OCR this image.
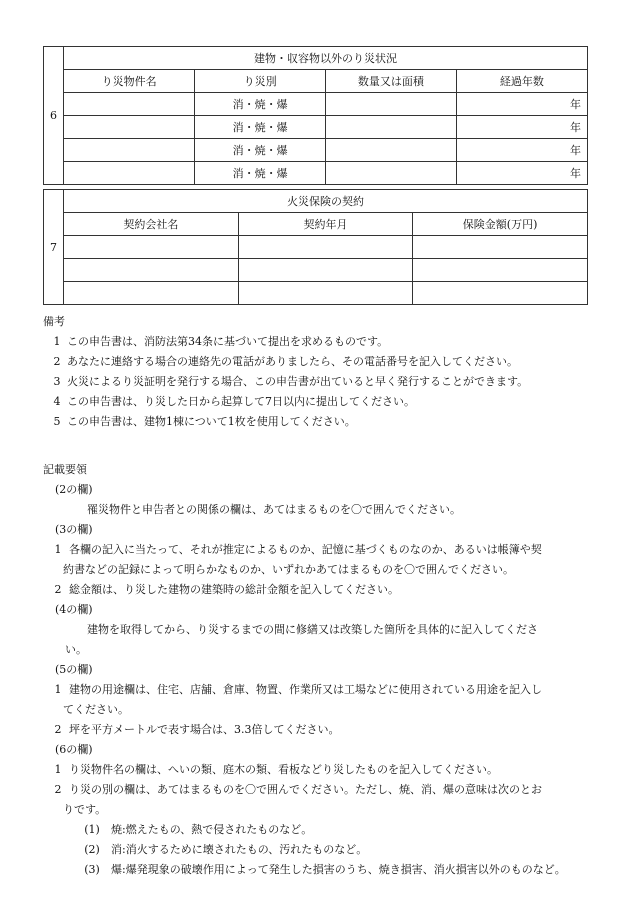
6	
建物・収容物以外のり災状況
り災物件名	り災別	数量又は面積	経過年数
	消・焼・爆		年
	消・焼・爆		年
	消・焼・爆		年
	消・焼・爆		年
7	
火災保険の契約
契約会社名	契約年月	保険金額(万円)

備考
1 この申告書は、消防法第34条に基づいて提出を求めるものです。
2 あなたに連絡する場合の連絡先の電話がありましたら、その電話番号を記入してください。
3 火災によるり災証明を発行する場合、この申告書が出ていると早く発行することができます。
4 この申告書は、り災した日から起算して7日以内に提出してください。
5 この申告書は、建物1棟について1枚を使用してください。
記載要領
(2の欄)
罹災物件と申告者との関係の欄は、あてはまるものを〇で囲んでください。
(3の欄)
1 各欄の記入に当たって、それが推定によるものか、記憶に基づくものなのか、あるいは帳簿や契
約書などの記録によって明らかなものか、いずれかあてはまるものを〇で囲んでください。
2 総金額は、り災した建物の建築時の総計金額を記入してください。
(4の欄)
建物を取得してから、り災するまでの間に修繕又は改築した箇所を具体的に記入してくださ
い。
(5の欄)
1 建物の用途欄は、住宅、店舗、倉庫、物置、作業所又は工場などに使用されている用途を記入し
てください。
2 坪を平方メートルで表す場合は、3.3倍してください。
(6の欄)
1 り災物件名の欄は、へいの類、庭木の類、看板などり災したものを記入してください。
2 り災の別の欄は、あてはまるものを〇で囲んでください。ただし、焼、消、爆の意味は次のとお
りです。
(1) 焼:燃えたもの、熱で侵されたものなど。
(2) 消:消火するために壊されたもの、汚れたものなど。
(3) 爆:爆発現象の破壊作用によって発生した損害のうち、焼き損害、消火損害以外のものなど。
